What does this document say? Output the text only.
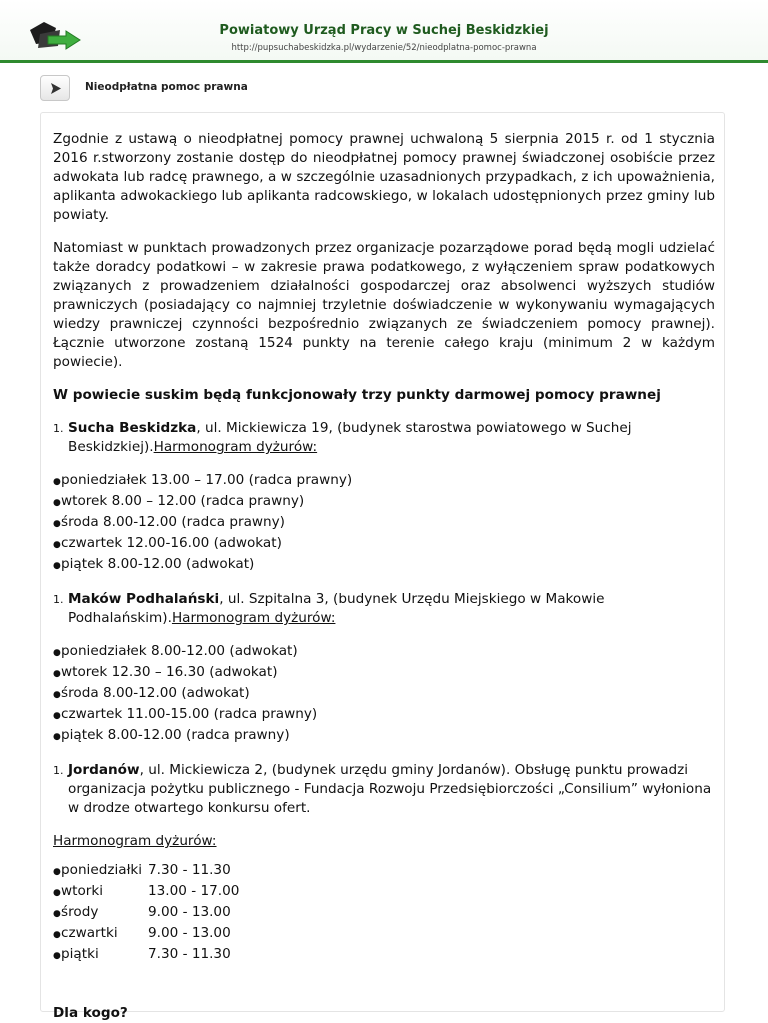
Powiatowy Urząd Pracy w Suchej Beskidzkiej
http://pupsuchabeskidzka.pl/wydarzenie/52/nieodplatna-pomoc-prawna
Nieodpłatna pomoc prawna

Zgodnie z ustawą o nieodpłatnej pomocy prawnej uchwaloną 5 sierpnia 2015 r. od 1 stycznia 2016 r.stworzony zostanie dostęp do nieodpłatnej pomocy prawnej świadczonej osobiście przez adwokata lub radcę prawnego, a w szczególnie uzasadnionych przypadkach, z ich upoważnienia, aplikanta adwokackiego lub aplikanta radcowskiego, w lokalach udostępnionych przez gminy lub powiaty.

Natomiast w punktach prowadzonych przez organizacje pozarządowe porad będą mogli udzielać także doradcy podatkowi – w zakresie prawa podatkowego, z wyłączeniem spraw podatkowych związanych z prowadzeniem działalności gospodarczej oraz absolwenci wyższych studiów prawniczych (posiadający co najmniej trzyletnie doświadczenie w wykonywaniu wymagających wiedzy prawniczej czynności bezpośrednio związanych ze świadczeniem pomocy prawnej). Łącznie utworzone zostaną 1524 punkty na terenie całego kraju (minimum 2 w każdym powiecie).

W powiecie suskim będą funkcjonowały trzy punkty darmowej pomocy prawnej

1. Sucha Beskidzka, ul. Mickiewicza 19, (budynek starostwa powiatowego w Suchej Beskidzkiej).Harmonogram dyżurów:
● poniedziałek 13.00 – 17.00 (radca prawny)
● wtorek 8.00 – 12.00 (radca prawny)
● środa 8.00-12.00 (radca prawny)
● czwartek 12.00-16.00 (adwokat)
● piątek 8.00-12.00 (adwokat)
1. Maków Podhalański, ul. Szpitalna 3, (budynek Urzędu Miejskiego w Makowie Podhalańskim).Harmonogram dyżurów:
● poniedziałek 8.00-12.00 (adwokat)
● wtorek 12.30 – 16.30 (adwokat)
● środa 8.00-12.00 (adwokat)
● czwartek 11.00-15.00 (radca prawny)
● piątek 8.00-12.00 (radca prawny)
1. Jordanów, ul. Mickiewicza 2, (budynek urzędu gminy Jordanów). Obsługę punktu prowadzi organizacja pożytku publicznego - Fundacja Rozwoju Przedsiębiorczości „Consilium” wyłoniona w drodze otwartego konkursu ofert.

Harmonogram dyżurów:

● poniedziałki 7.30 - 11.30
● wtorki	13.00 - 17.00
● środy	9.00 - 13.00
● czwartki	9.00 - 13.00
● piątki	7.30 - 11.30
Dla kogo?
